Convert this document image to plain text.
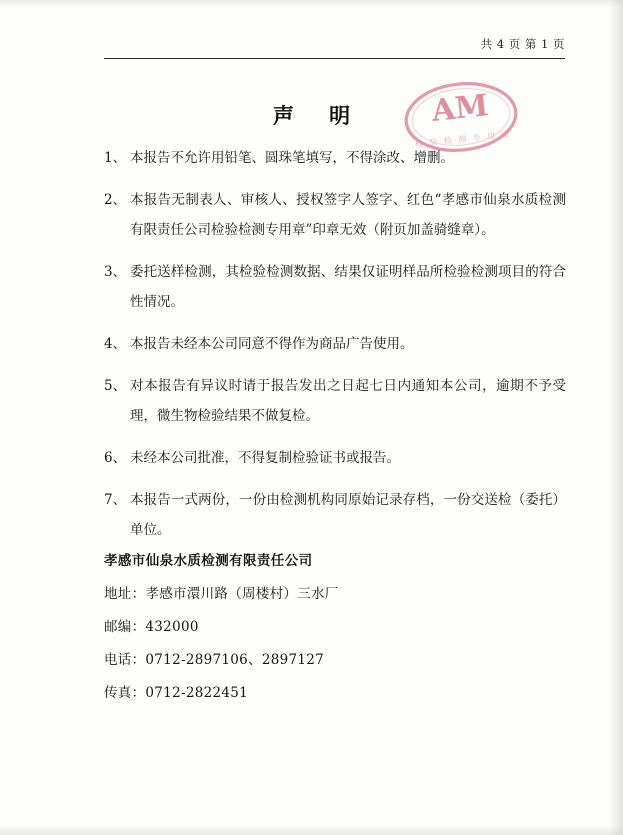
共 4 页 第 1 页
声 明	AM
检 验 检 测 专 用 章
1、 本报告不允许用铅笔、圆珠笔填写，不得涂改、增删。
2、 本报告无制表人、审核人、授权签字人签字、红色“孝感市仙泉水质检测有限责任公司检验检测专用章”印章无效（附页加盖骑缝章）。
3、 委托送样检测，其检验检测数据、结果仅证明样品所检验检测项目的符合性情况。
4、 本报告未经本公司同意不得作为商品广告使用。
5、 对本报告有异议时请于报告发出之日起七日内通知本公司，逾期不予受理，微生物检验结果不做复检。
6、 未经本公司批准，不得复制检验证书或报告。
7、 本报告一式两份，一份由检测机构同原始记录存档，一份交送检（委托）单位。
孝感市仙泉水质检测有限责任公司
地址：孝感市澴川路（周楼村）三水厂
邮编：432000
电话：0712-2897106、2897127
传真：0712-2822451
